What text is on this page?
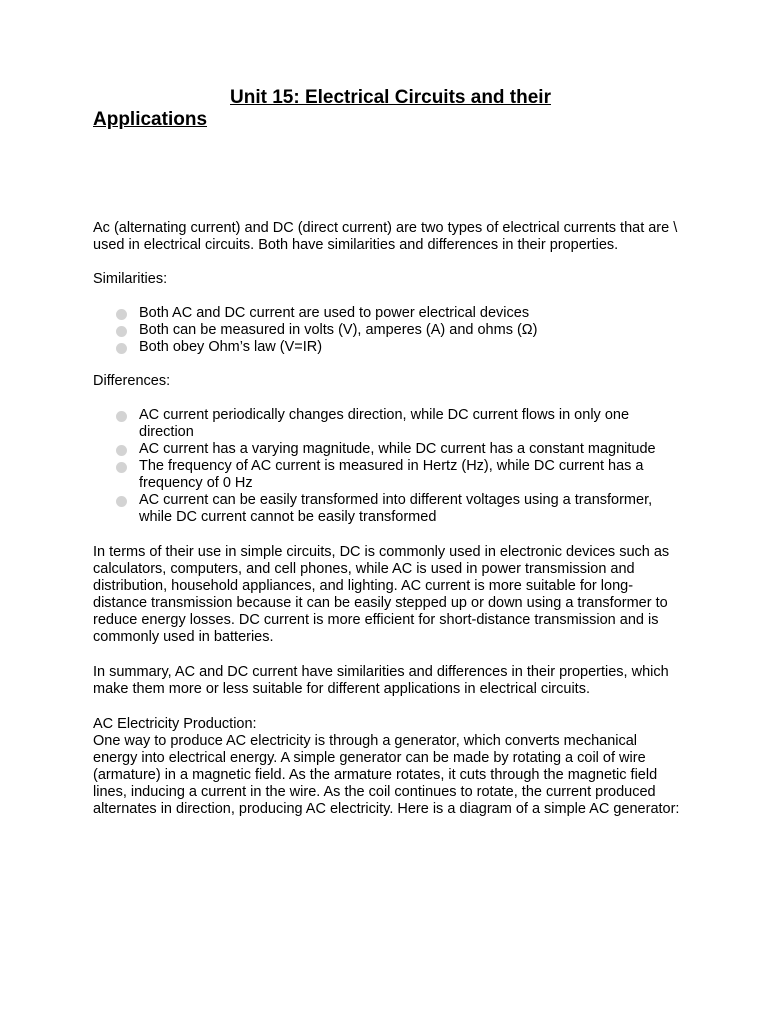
Unit 15: Electrical Circuits and their Applications

Ac (alternating current) and DC (direct current) are two types of electrical currents that are \ used in electrical circuits. Both have similarities and differences in their properties.

Similarities:

Both AC and DC current are used to power electrical devices
Both can be measured in volts (V), amperes (A) and ohms (Ω)
Both obey Ohm’s law (V=IR)

Differences:

AC current periodically changes direction, while DC current flows in only one direction
AC current has a varying magnitude, while DC current has a constant magnitude
The frequency of AC current is measured in Hertz (Hz), while DC current has a frequency of 0 Hz
AC current can be easily transformed into different voltages using a transformer, while DC current cannot be easily transformed

In terms of their use in simple circuits, DC is commonly used in electronic devices such as calculators, computers, and cell phones, while AC is used in power transmission and distribution, household appliances, and lighting. AC current is more suitable for long-distance transmission because it can be easily stepped up or down using a transformer to reduce energy losses. DC current is more efficient for short-distance transmission and is commonly used in batteries.

In summary, AC and DC current have similarities and differences in their properties, which make them more or less suitable for different applications in electrical circuits.

AC Electricity Production:

One way to produce AC electricity is through a generator, which converts mechanical energy into electrical energy. A simple generator can be made by rotating a coil of wire (armature) in a magnetic field. As the armature rotates, it cuts through the magnetic field lines, inducing a current in the wire. As the coil continues to rotate, the current produced alternates in direction, producing AC electricity. Here is a diagram of a simple AC generator:
